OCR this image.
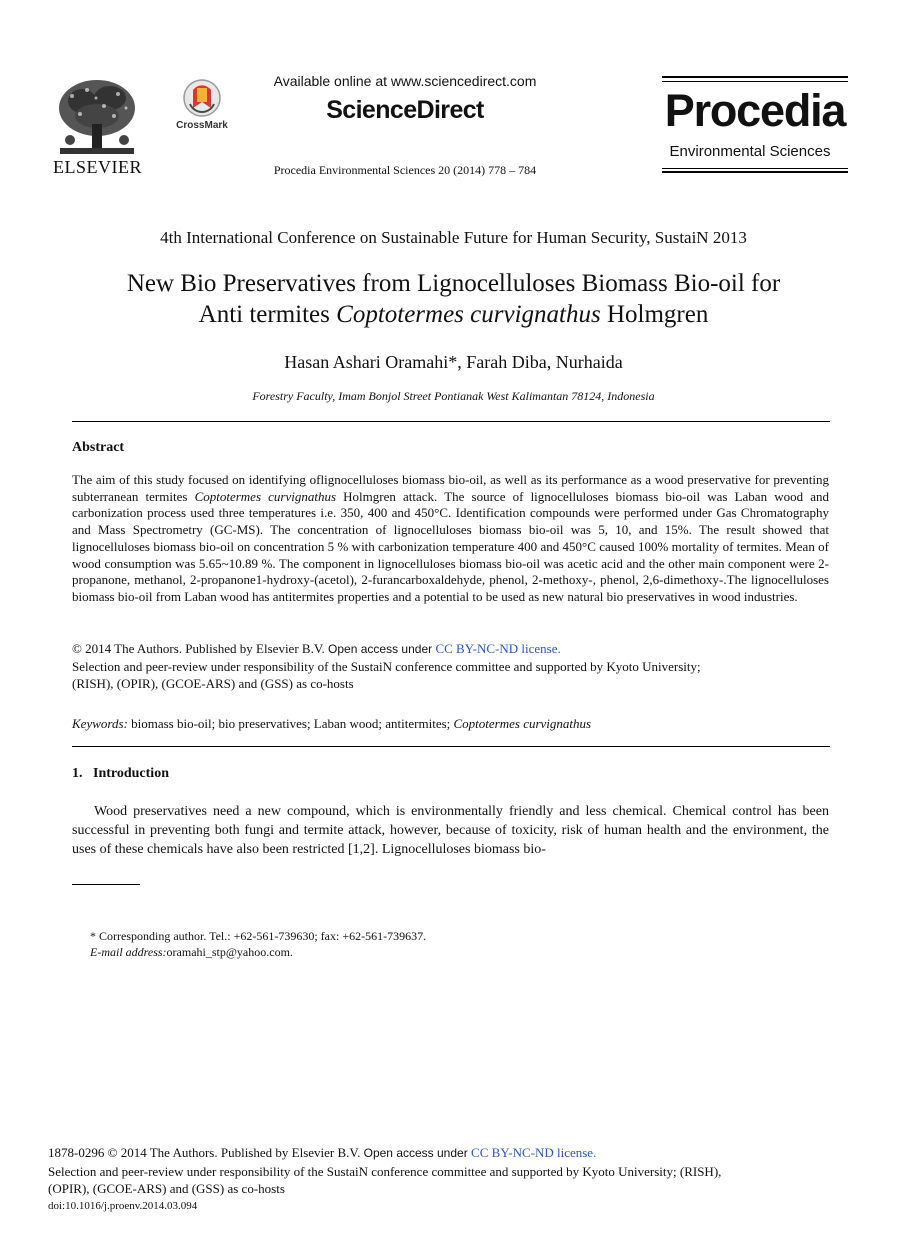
ELSEVIER
CrossMark
Available online at www.sciencedirect.com
ScienceDirect
Procedia Environmental Sciences 20 (2014) 778 – 784
Procedia
Environmental Sciences
4th International Conference on Sustainable Future for Human Security, SustaiN 2013
New Bio Preservatives from Lignocelluloses Biomass Bio-oil for
Anti termites Coptotermes curvignathus Holmgren
Hasan Ashari Oramahi*, Farah Diba, Nurhaida
Forestry Faculty, Imam Bonjol Street Pontianak West Kalimantan 78124, Indonesia
Abstract
The aim of this study focused on identifying oflignocelluloses biomass bio-oil, as well as its performance as a wood preservative for preventing subterranean termites Coptotermes curvignathus Holmgren attack. The source of lignocelluloses biomass bio-oil was Laban wood and carbonization process used three temperatures i.e. 350, 400 and 450°C. Identification compounds were performed under Gas Chromatography and Mass Spectrometry (GC-MS). The concentration of lignocelluloses biomass bio-oil was 5, 10, and 15%. The result showed that lignocelluloses biomass bio-oil on concentration 5 % with carbonization temperature 400 and 450°C caused 100% mortality of termites. Mean of wood consumption was 5.65~10.89 %. The component in lignocelluloses biomass bio-oil was acetic acid and the other main component were 2-propanone, methanol, 2-propanone1-hydroxy-(acetol), 2-furancarboxaldehyde, phenol, 2-methoxy-, phenol, 2,6-dimethoxy-.The lignocelluloses biomass bio-oil from Laban wood has antitermites properties and a potential to be used as new natural bio preservatives in wood industries.
© 2014 The Authors. Published by Elsevier B.V. Open access under CC BY-NC-ND license.
Selection and peer-review under responsibility of the SustaiN conference committee and supported by Kyoto University;
(RISH), (OPIR), (GCOE-ARS) and (GSS) as co-hosts
Keywords: biomass bio-oil; bio preservatives; Laban wood; antitermites; Coptotermes curvignathus
1.   Introduction
Wood preservatives need a new compound, which is environmentally friendly and less chemical. Chemical control has been successful in preventing both fungi and termite attack, however, because of toxicity, risk of human health and the environment, the uses of these chemicals have also been restricted [1,2]. Lignocelluloses biomass bio-
* Corresponding author. Tel.: +62-561-739630; fax: +62-561-739637.
E-mail address:oramahi_stp@yahoo.com.
1878-0296 © 2014 The Authors. Published by Elsevier B.V. Open access under CC BY-NC-ND license.
Selection and peer-review under responsibility of the SustaiN conference committee and supported by Kyoto University; (RISH),
(OPIR), (GCOE-ARS) and (GSS) as co-hosts
doi:10.1016/j.proenv.2014.03.094
